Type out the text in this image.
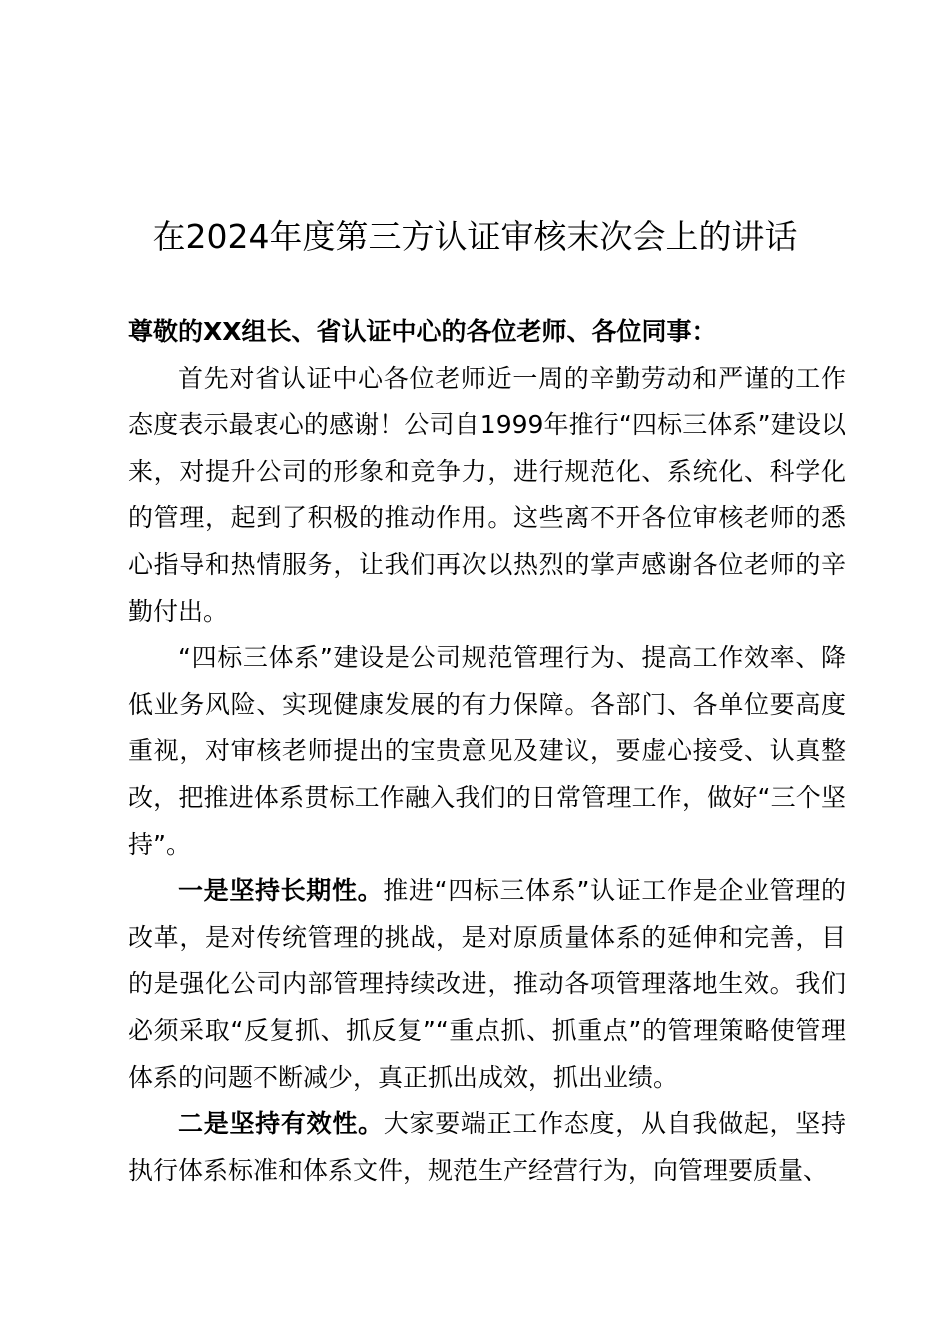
在2024年度第三方认证审核末次会上的讲话

尊敬的XX组长、省认证中心的各位老师、各位同事：

首先对省认证中心各位老师近一周的辛勤劳动和严谨的工作态度表示最衷心的感谢！公司自1999年推行“四标三体系”建设以来，对提升公司的形象和竞争力，进行规范化、系统化、科学化的管理，起到了积极的推动作用。这些离不开各位审核老师的悉心指导和热情服务，让我们再次以热烈的掌声感谢各位老师的辛勤付出。

“四标三体系”建设是公司规范管理行为、提高工作效率、降低业务风险、实现健康发展的有力保障。各部门、各单位要高度重视，对审核老师提出的宝贵意见及建议，要虚心接受、认真整改，把推进体系贯标工作融入我们的日常管理工作，做好“三个坚持”。

一是坚持长期性。推进“四标三体系”认证工作是企业管理的改革，是对传统管理的挑战，是对原质量体系的延伸和完善，目的是强化公司内部管理持续改进，推动各项管理落地生效。我们必须采取“反复抓、抓反复”“重点抓、抓重点”的管理策略使管理体系的问题不断减少，真正抓出成效，抓出业绩。

二是坚持有效性。大家要端正工作态度，从自我做起，坚持执行体系标准和体系文件，规范生产经营行为，向管理要质量、
